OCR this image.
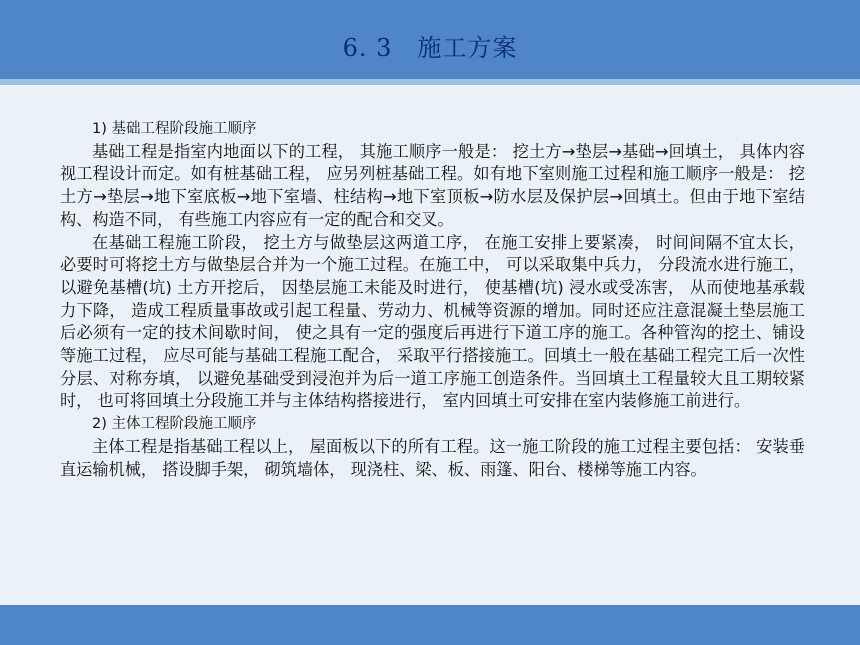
6. 3　施工方案

1) 基础工程阶段施工顺序

基础工程是指室内地面以下的工程， 其施工顺序一般是： 挖土方→垫层→基础→回填土， 具体内容视工程设计而定。如有桩基础工程， 应另列桩基础工程。如有地下室则施工过程和施工顺序一般是： 挖土方→垫层→地下室底板→地下室墙、柱结构→地下室顶板→防水层及保护层→回填土。但由于地下室结构、构造不同， 有些施工内容应有一定的配合和交叉。

在基础工程施工阶段， 挖土方与做垫层这两道工序， 在施工安排上要紧凑， 时间间隔不宜太长， 必要时可将挖土方与做垫层合并为一个施工过程。在施工中， 可以采取集中兵力， 分段流水进行施工， 以避免基槽(坑) 土方开挖后， 因垫层施工未能及时进行， 使基槽(坑) 浸水或受冻害， 从而使地基承载力下降， 造成工程质量事故或引起工程量、劳动力、机械等资源的增加。同时还应注意混凝土垫层施工后必须有一定的技术间歇时间， 使之具有一定的强度后再进行下道工序的施工。各种管沟的挖土、铺设等施工过程， 应尽可能与基础工程施工配合， 采取平行搭接施工。回填土一般在基础工程完工后一次性分层、对称夯填， 以避免基础受到浸泡并为后一道工序施工创造条件。当回填土工程量较大且工期较紧时， 也可将回填土分段施工并与主体结构搭接进行， 室内回填土可安排在室内装修施工前进行。

2) 主体工程阶段施工顺序

主体工程是指基础工程以上， 屋面板以下的所有工程。这一施工阶段的施工过程主要包括： 安装垂直运输机械， 搭设脚手架， 砌筑墙体， 现浇柱、梁、板、雨篷、阳台、楼梯等施工内容。
